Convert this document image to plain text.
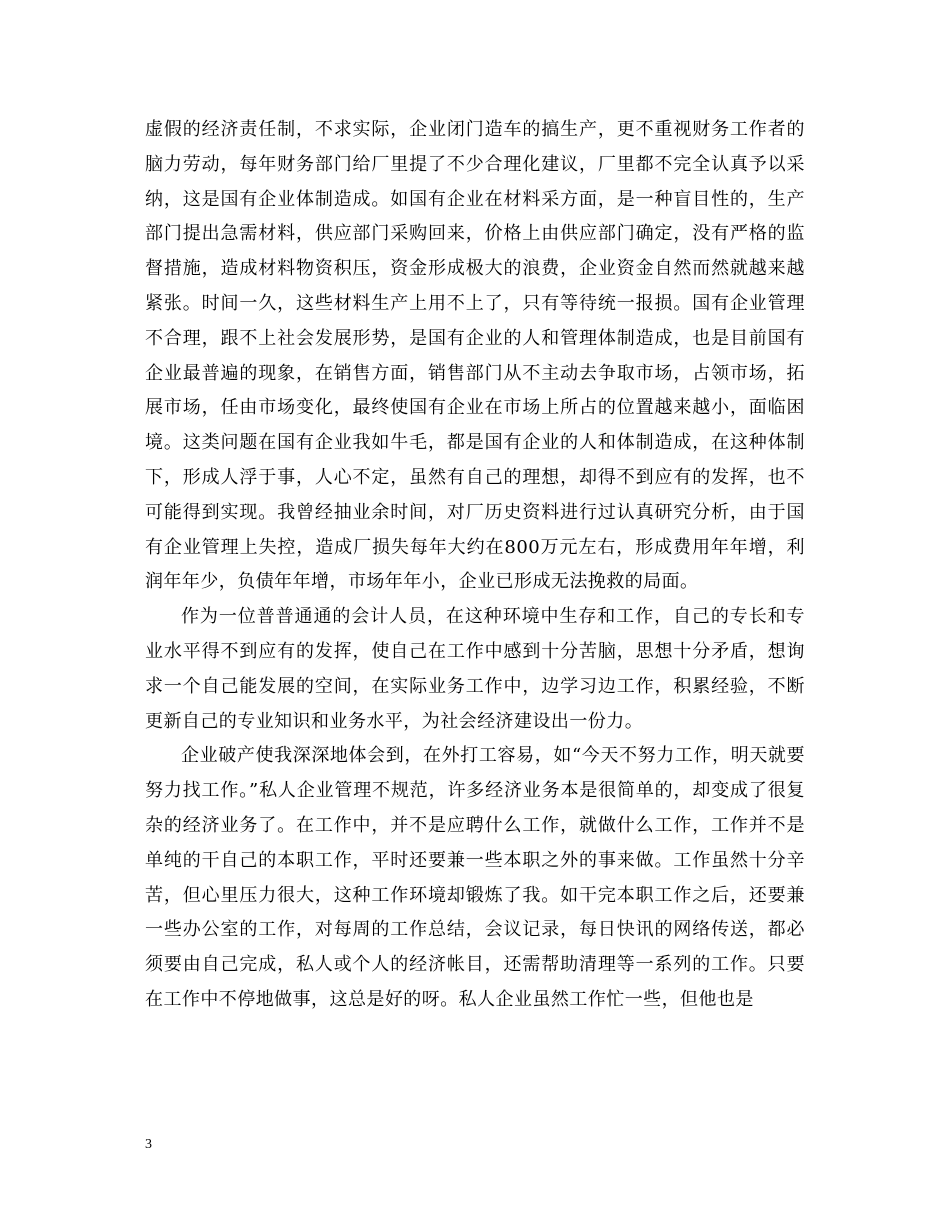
虚假的经济责任制，不求实际，企业闭门造车的搞生产，更不重视财务工作者的脑力劳动，每年财务部门给厂里提了不少合理化建议，厂里都不完全认真予以采纳，这是国有企业体制造成。如国有企业在材料采方面，是一种盲目性的，生产部门提出急需材料，供应部门采购回来，价格上由供应部门确定，没有严格的监督措施，造成材料物资积压，资金形成极大的浪费，企业资金自然而然就越来越紧张。时间一久，这些材料生产上用不上了，只有等待统一报损。国有企业管理不合理，跟不上社会发展形势，是国有企业的人和管理体制造成，也是目前国有企业最普遍的现象，在销售方面，销售部门从不主动去争取市场，占领市场，拓展市场，任由市场变化，最终使国有企业在市场上所占的位置越来越小，面临困境。这类问题在国有企业我如牛毛，都是国有企业的人和体制造成，在这种体制下，形成人浮于事，人心不定，虽然有自己的理想，却得不到应有的发挥，也不可能得到实现。我曾经抽业余时间，对厂历史资料进行过认真研究分析，由于国有企业管理上失控，造成厂损失每年大约在800万元左右，形成费用年年增，利润年年少，负债年年增，市场年年小，企业已形成无法挽救的局面。

作为一位普普通通的会计人员，在这种环境中生存和工作，自己的专长和专业水平得不到应有的发挥，使自己在工作中感到十分苦脑，思想十分矛盾，想询求一个自己能发展的空间，在实际业务工作中，边学习边工作，积累经验，不断更新自己的专业知识和业务水平，为社会经济建设出一份力。

企业破产使我深深地体会到，在外打工容易，如“今天不努力工作，明天就要努力找工作。”私人企业管理不规范，许多经济业务本是很简单的，却变成了很复杂的经济业务了。在工作中，并不是应聘什么工作，就做什么工作，工作并不是单纯的干自己的本职工作，平时还要兼一些本职之外的事来做。工作虽然十分辛苦，但心里压力很大，这种工作环境却锻炼了我。如干完本职工作之后，还要兼一些办公室的工作，对每周的工作总结，会议记录，每日快讯的网络传送，都必须要由自己完成，私人或个人的经济帐目，还需帮助清理等一系列的工作。只要在工作中不停地做事，这总是好的呀。私人企业虽然工作忙一些，但他也是

3
